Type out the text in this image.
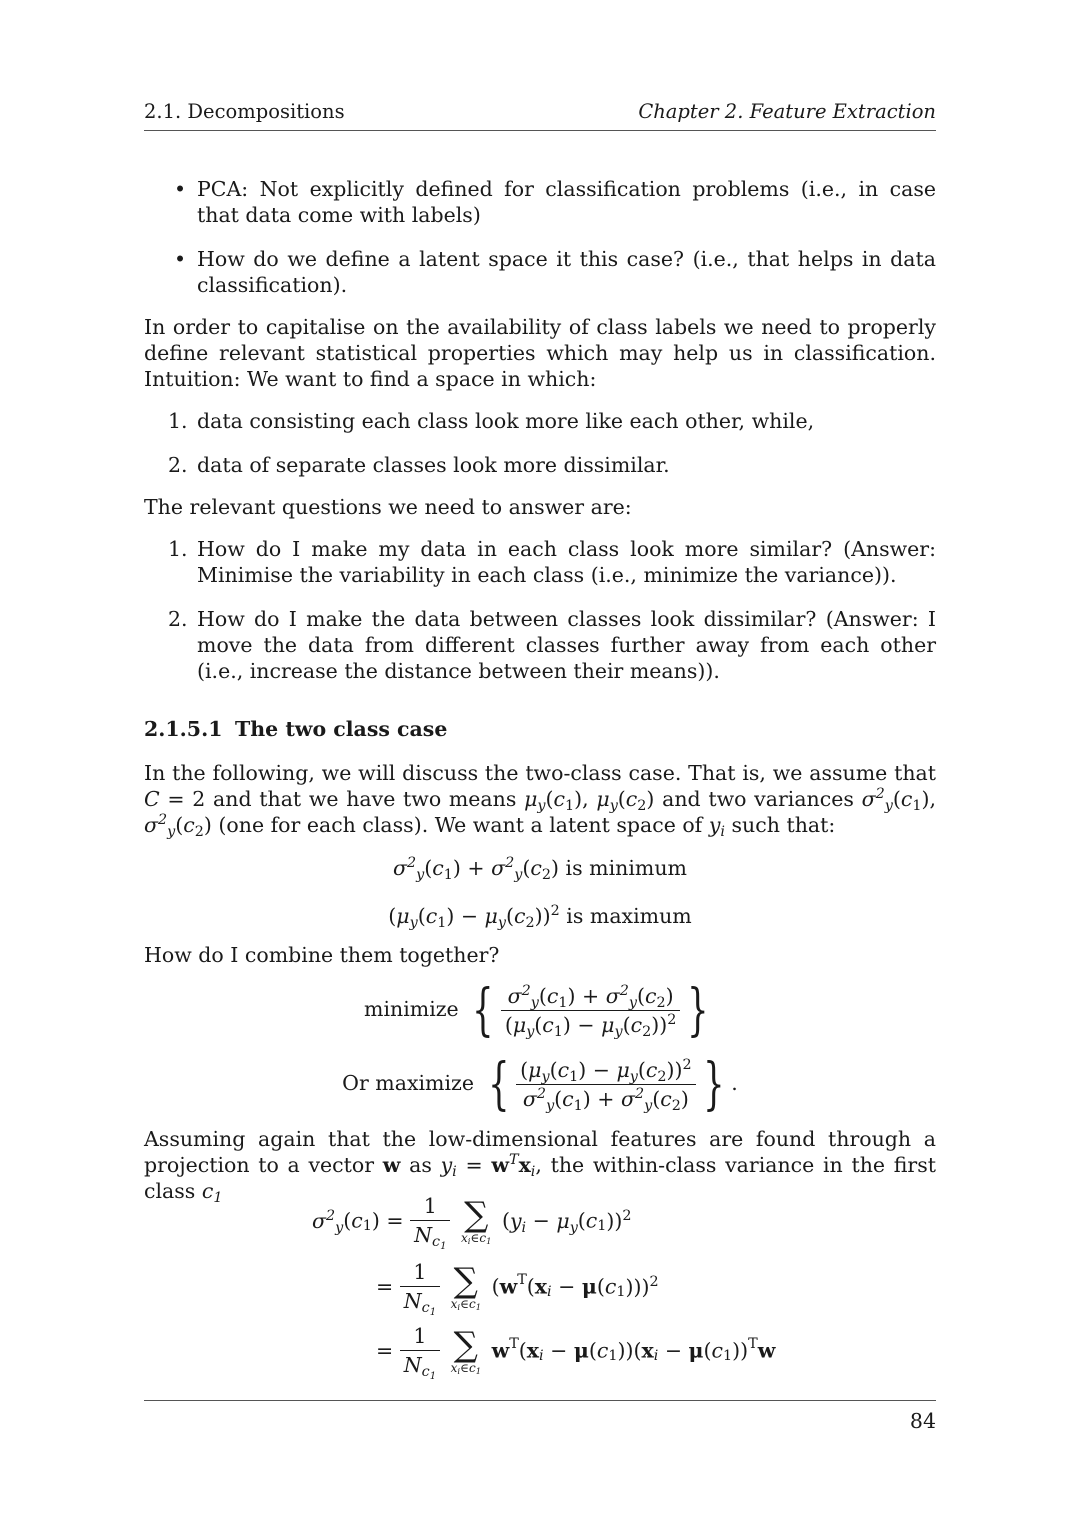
2.1. Decompositions	Chapter 2. Feature Extraction
• PCA: Not explicitly defined for classification problems (i.e., in case that data come with labels)
• How do we define a latent space it this case? (i.e., that helps in data classification).
In order to capitalise on the availability of class labels we need to properly define relevant statistical properties which may help us in classification. Intuition: We want to find a space in which:
1. data consisting each class look more like each other, while,
2. data of separate classes look more dissimilar.
The relevant questions we need to answer are:
1. How do I make my data in each class look more similar? (Answer: Minimise the variability in each class (i.e., minimize the variance)).
2. How do I make the data between classes look dissimilar? (Answer: I move the data from different classes further away from each other (i.e., increase the distance between their means)).
2.1.5.1 The two class case
In the following, we will discuss the two-class case. That is, we assume that C = 2 and that we have two means $\mu_y(c_1)$, $\mu_y(c_2)$ and two variances $\sigma^2_y(c_1)$, $\sigma^2_y(c_2)$ (one for each class). We want a latent space of $y_i$ such that:
$\sigma^2_y(c_1) + \sigma^2_y(c_2)$ is minimum
$(\mu_y(c_1) - \mu_y(c_2))^2$ is maximum
How do I combine them together?
minimize { $\frac{\sigma^2_y(c_1) + \sigma^2_y(c_2)}{(\mu_y(c_1) - \mu_y(c_2))^2}$ }
Or maximize { $\frac{(\mu_y(c_1) - \mu_y(c_2))^2}{\sigma^2_y(c_1) + \sigma^2_y(c_2)}$ } .
Assuming again that the low-dimensional features are found through a projection to a vector w as $y_i = w^Tx_i$, the within-class variance in the first class $c_1$
$\sigma^2_y(c_1) = \frac{1}{N_{c_1}}$
∑
$x_i\in c_1$
$(y_i - \mu_y(c_1))^2$
= $\frac{1}{N_{c_1}}$
∑
$x_i\in c_1$
$(w^T(x_i - \mu(c_1)))^2$
= $\frac{1}{N_{c_1}}$
∑
$x_i\in c_1$
$w^T(x_i - \mu(c_1))(x_i - \mu(c_1))^Tw$
84
